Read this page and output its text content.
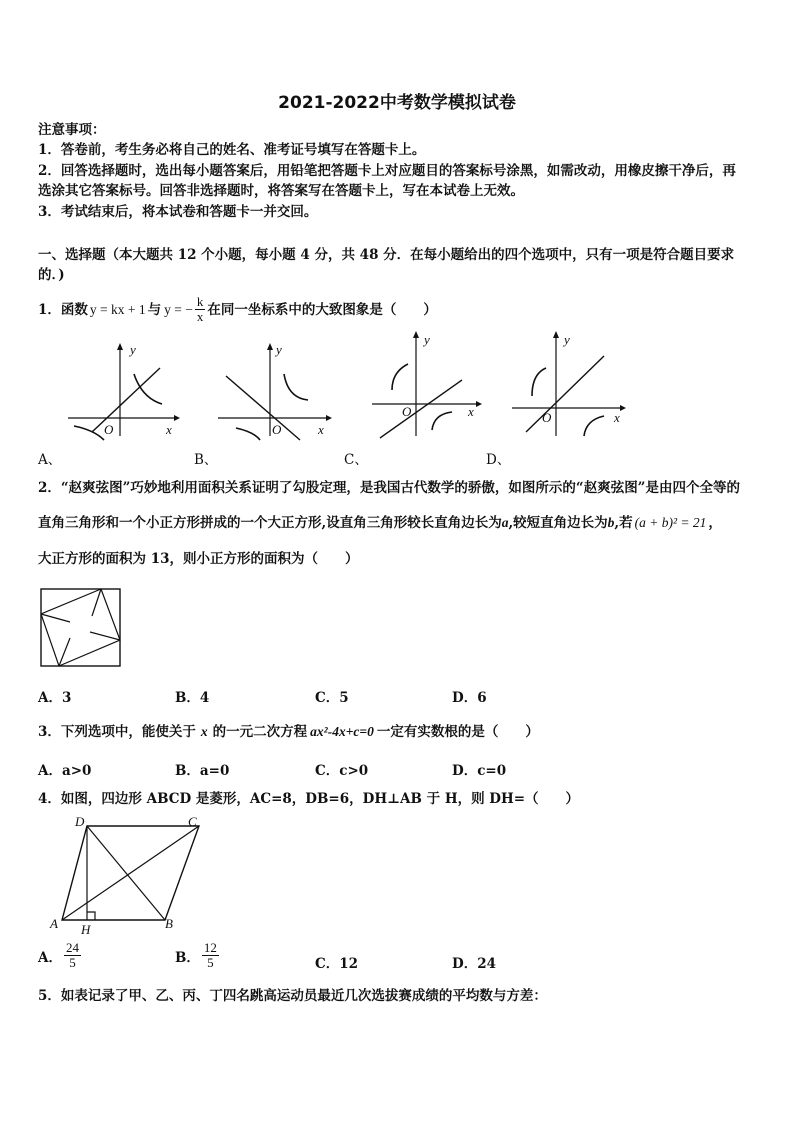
2021-2022中考数学模拟试卷
注意事项：
1．答卷前，考生务必将自己的姓名、准考证号填写在答题卡上。
2．回答选择题时，选出每小题答案后，用铅笔把答题卡上对应题目的答案标号涂黑，如需改动，用橡皮擦干净后，再
选涂其它答案标号。回答非选择题时，将答案写在答题卡上，写在本试卷上无效。
3．考试结束后，将本试卷和答题卡一并交回。
一、选择题（本大题共 12 个小题，每小题 4 分，共 48 分．在每小题给出的四个选项中，只有一项是符合题目要求
的．)
1．函数 y = kx + 1 与 y = − $\frac{k}{x}$ 在同一坐标系中的大致图象是（　　）
y
x
O
A、
y
x
O
B、
y
x
O
C、
y
x
O
D、
2．“赵爽弦图”巧妙地利用面积关系证明了勾股定理，是我国古代数学的骄傲，如图所示的“赵爽弦图”是由四个全等的
直角三角形和一个小正方形拼成的一个大正方形,设直角三角形较长直角边长为 a ,较短直角边长为 b ,若 (a + b)² = 21 ，
大正方形的面积为 13，则小正方形的面积为（　　）
A．3	B．4	C．5	D．6
3．下列选项中，能使关于 x 的一元二次方程 ax²-4x+c=0 一定有实数根的是（　　）
A．a>0	B．a=0	C．c>0	D．c=0
4．如图，四边形 ABCD 是菱形，AC=8，DB=6，DH⊥AB 于 H，则 DH=（　　）
A	B
C
D
H
A． $\frac{24}{5}$	B． $\frac{12}{5}$	C．12	D．24
5．如表记录了甲、乙、丙、丁四名跳高运动员最近几次选拔赛成绩的平均数与方差：
